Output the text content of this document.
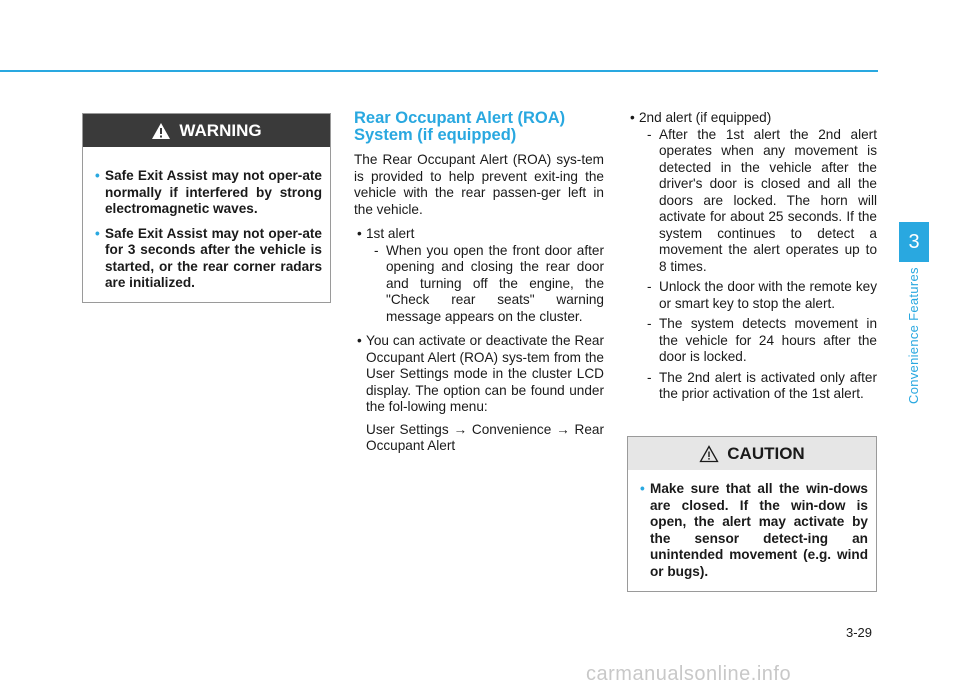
WARNING
• Safe Exit Assist may not oper-ate normally if interfered by strong electromagnetic waves.
• Safe Exit Assist may not oper-ate for 3 seconds after the vehicle is started, or the rear corner radars are initialized.
Rear Occupant Alert (ROA) System (if equipped)

The Rear Occupant Alert (ROA) sys-tem is provided to help prevent exit-ing the vehicle with the rear passen-ger left in the vehicle.

• 1st alert
- When you open the front door after opening and closing the rear door and turning off the engine, the "Check rear seats" warning message appears on the cluster.
• You can activate or deactivate the Rear Occupant Alert (ROA) sys-tem from the User Settings mode in the cluster LCD display. The option can be found under the fol-lowing menu:
User Settings → Convenience → Rear Occupant Alert
• 2nd alert (if equipped)
- After the 1st alert the 2nd alert operates when any movement is detected in the vehicle after the driver's door is closed and all the doors are locked. The horn will activate for about 25 seconds. If the system continues to detect a movement the alert operates up to 8 times.
- Unlock the door with the remote key or smart key to stop the alert.
- The system detects movement in the vehicle for 24 hours after the door is locked.
- The 2nd alert is activated only after the prior activation of the 1st alert.
CAUTION
• Make sure that all the win-dows are closed. If the win-dow is open, the alert may activate by the sensor detect-ing an unintended movement (e.g. wind or bugs).
3
Convenience Features
3-29
carmanualsonline.info
